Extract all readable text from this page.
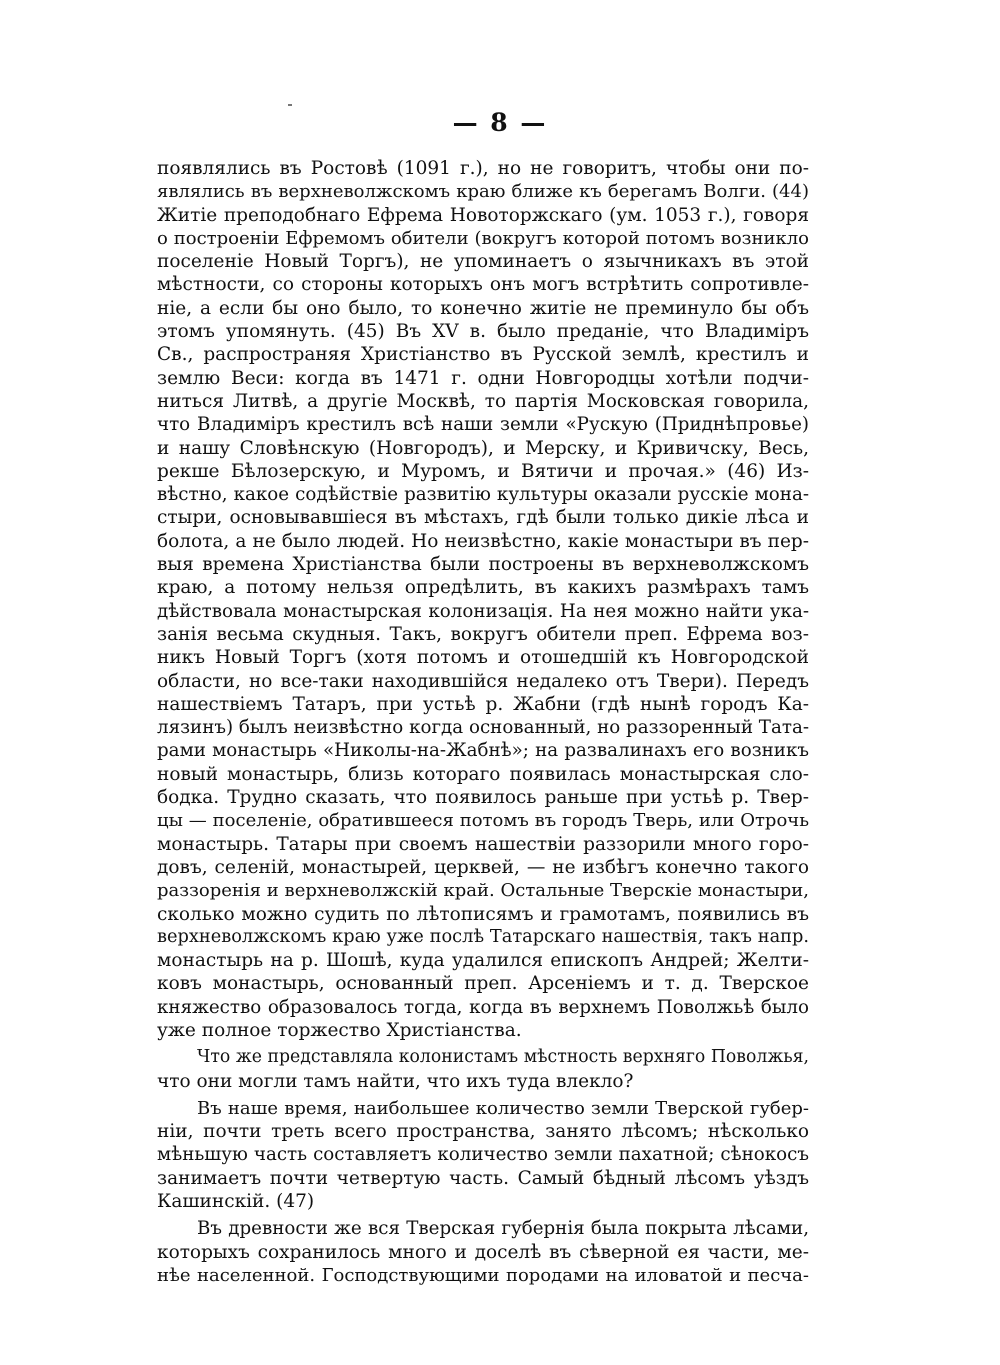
— 8 —
появлялись въ Ростовѣ (1091 г.), но не говоритъ, чтобы они по-
являлись въ верхневолжскомъ краю ближе къ берегамъ Волги. (44)
Житіе преподобнаго Ефрема Новоторжскаго (ум. 1053 г.), говоря
о построеніи Ефремомъ обители (вокругъ которой потомъ возникло
поселеніе Новый Торгъ), не упоминаетъ о язычникахъ въ этой
мѣстности, со стороны которыхъ онъ могъ встрѣтить сопротивле-
ніе, а если бы оно было, то конечно житіе не преминуло бы объ
этомъ упомянуть. (45) Въ XV в. было преданіе, что Владиміръ
Св., распространяя Христіанство въ Русской землѣ, крестилъ и
землю Веси: когда въ 1471 г. одни Новгородцы хотѣли подчи-
ниться Литвѣ, а другіе Москвѣ, то партія Московская говорила,
что Владиміръ крестилъ всѣ наши земли «Рускую (Приднѣпровье)
и нашу Словѣнскую (Новгородъ), и Мерску, и Кривичску, Весь,
рекше Бѣлозерскую, и Муромъ, и Вятичи и прочая.» (46) Из-
вѣстно, какое содѣйствіе развитію культуры оказали русскіе мона-
стыри, основывавшіеся въ мѣстахъ, гдѣ были только дикіе лѣса и
болота, а не было людей. Но неизвѣстно, какіе монастыри въ пер-
выя времена Христіанства были построены въ верхневолжскомъ
краю, а потому нельзя опредѣлить, въ какихъ размѣрахъ тамъ
дѣйствовала монастырская колонизація. На нея можно найти ука-
занія весьма скудныя. Такъ, вокругъ обители преп. Ефрема воз-
никъ Новый Торгъ (хотя потомъ и отошедшій къ Новгородской
области, но все-таки находившійся недалеко отъ Твери). Передъ
нашествіемъ Татаръ, при устьѣ р. Жабни (гдѣ нынѣ городъ Ка-
лязинъ) былъ неизвѣстно когда основанный, но раззоренный Тата-
рами монастырь «Николы-на-Жабнѣ»; на развалинахъ его возникъ
новый монастырь, близь котораго появилась монастырская сло-
бодка. Трудно сказать, что появилось раньше при устьѣ р. Твер-
цы — поселеніе, обратившееся потомъ въ городъ Тверь, или Отрочь
монастырь. Татары при своемъ нашествіи раззорили много горо-
довъ, селеній, монастырей, церквей, — не избѣгъ конечно такого
раззоренія и верхневолжскій край. Остальные Тверскіе монастыри,
сколько можно судить по лѣтописямъ и грамотамъ, появились въ
верхневолжскомъ краю уже послѣ Татарскаго нашествія, такъ напр.
монастырь на р. Шошѣ, куда удалился епископъ Андрей; Желти-
ковъ монастырь, основанный преп. Арсеніемъ и т. д. Тверское
княжество образовалось тогда, когда въ верхнемъ Поволжьѣ было
уже полное торжество Христіанства.
Что же представляла колонистамъ мѣстность верхняго Поволжья,
что они могли тамъ найти, что ихъ туда влекло?
Въ наше время, наибольшее количество земли Тверской губер-
ніи, почти треть всего пространства, занято лѣсомъ; нѣсколько
мѣньшую часть составляетъ количество земли пахатной; сѣнокосъ
занимаетъ почти четвертую часть. Самый бѣдный лѣсомъ уѣздъ
Кашинскій. (47)
Въ древности же вся Тверская губернія была покрыта лѣсами,
которыхъ сохранилось много и доселѣ въ сѣверной ея части, ме-
нѣе населенной. Господствующими породами на иловатой и песча-
